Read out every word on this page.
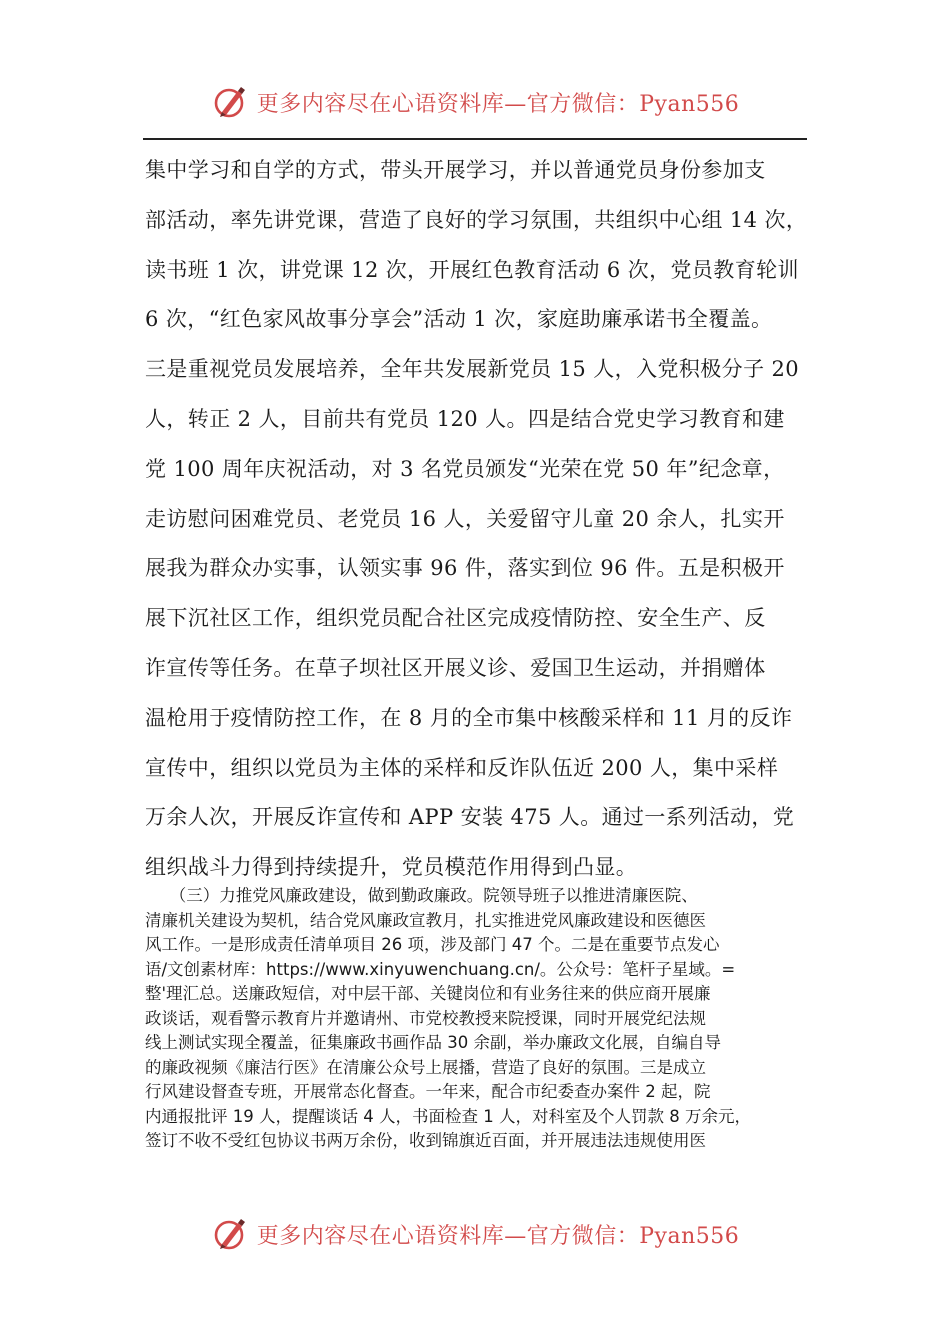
更多内容尽在心语资料库—官方微信：Pyan556
集中学习和自学的方式，带头开展学习，并以普通党员身份参加支
部活动，率先讲党课，营造了良好的学习氛围，共组织中心组 14 次，
读书班 1 次，讲党课 12 次，开展红色教育活动 6 次，党员教育轮训
6 次，“红色家风故事分享会”活动 1 次，家庭助廉承诺书全覆盖。
三是重视党员发展培养，全年共发展新党员 15 人，入党积极分子 20
人，转正 2 人，目前共有党员 120 人。四是结合党史学习教育和建
党 100 周年庆祝活动，对 3 名党员颁发“光荣在党 50 年”纪念章，
走访慰问困难党员、老党员 16 人，关爱留守儿童 20 余人，扎实开
展我为群众办实事，认领实事 96 件，落实到位 96 件。五是积极开
展下沉社区工作，组织党员配合社区完成疫情防控、安全生产、反
诈宣传等任务。在草子坝社区开展义诊、爱国卫生运动，并捐赠体
温枪用于疫情防控工作，在 8 月的全市集中核酸采样和 11 月的反诈
宣传中，组织以党员为主体的采样和反诈队伍近 200 人，集中采样
万余人次，开展反诈宣传和 APP 安装 475 人。通过一系列活动，党
组织战斗力得到持续提升，党员模范作用得到凸显。
　　（三）力推党风廉政建设，做到勤政廉政。院领导班子以推进清廉医院、
清廉机关建设为契机，结合党风廉政宣教月，扎实推进党风廉政建设和医德医
风工作。一是形成责任清单项目 26 项，涉及部门 47 个。二是在重要节点发心
语/文创素材库：https://www.xinyuwenchuang.cn/。公众号：笔杆子星域。=
整'理汇总。送廉政短信，对中层干部、关键岗位和有业务往来的供应商开展廉
政谈话，观看警示教育片并邀请州、市党校教授来院授课，同时开展党纪法规
线上测试实现全覆盖，征集廉政书画作品 30 余副，举办廉政文化展，自编自导
的廉政视频《廉洁行医》在清廉公众号上展播，营造了良好的氛围。三是成立
行风建设督查专班，开展常态化督查。一年来，配合市纪委查办案件 2 起，院
内通报批评 19 人，提醒谈话 4 人，书面检查 1 人，对科室及个人罚款 8 万余元，
签订不收不受红包协议书两万余份，收到锦旗近百面，并开展违法违规使用医
更多内容尽在心语资料库—官方微信：Pyan556
